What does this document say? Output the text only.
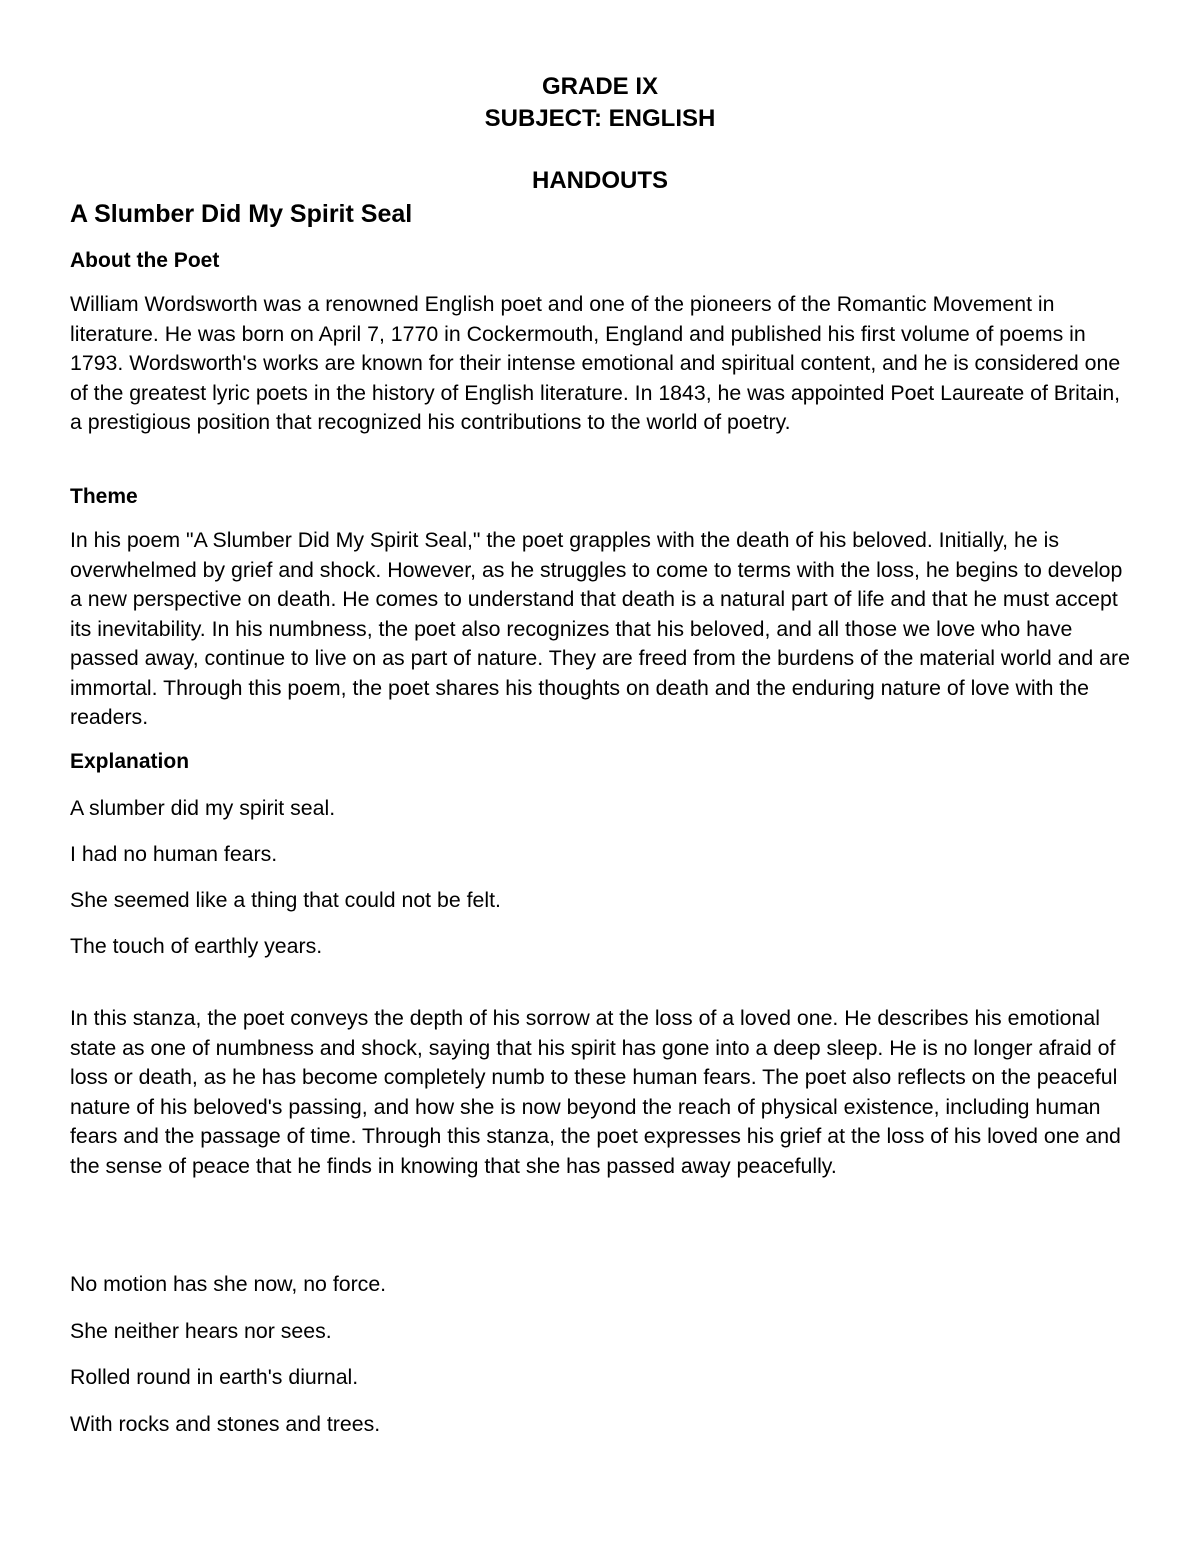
GRADE IX
SUBJECT: ENGLISH
HANDOUTS
A Slumber Did My Spirit Seal
About the Poet
William Wordsworth was a renowned English poet and one of the pioneers of the Romantic Movement in literature. He was born on April 7, 1770 in Cockermouth, England and published his first volume of poems in 1793. Wordsworth's works are known for their intense emotional and spiritual content, and he is considered one of the greatest lyric poets in the history of English literature. In 1843, he was appointed Poet Laureate of Britain, a prestigious position that recognized his contributions to the world of poetry.
Theme
In his poem "A Slumber Did My Spirit Seal," the poet grapples with the death of his beloved. Initially, he is overwhelmed by grief and shock. However, as he struggles to come to terms with the loss, he begins to develop a new perspective on death. He comes to understand that death is a natural part of life and that he must accept its inevitability. In his numbness, the poet also recognizes that his beloved, and all those we love who have passed away, continue to live on as part of nature. They are freed from the burdens of the material world and are immortal. Through this poem, the poet shares his thoughts on death and the enduring nature of love with the readers.
Explanation
A slumber did my spirit seal.
I had no human fears.
She seemed like a thing that could not be felt.
The touch of earthly years.
In this stanza, the poet conveys the depth of his sorrow at the loss of a loved one. He describes his emotional state as one of numbness and shock, saying that his spirit has gone into a deep sleep. He is no longer afraid of loss or death, as he has become completely numb to these human fears. The poet also reflects on the peaceful nature of his beloved's passing, and how she is now beyond the reach of physical existence, including human fears and the passage of time. Through this stanza, the poet expresses his grief at the loss of his loved one and the sense of peace that he finds in knowing that she has passed away peacefully.
No motion has she now, no force.
She neither hears nor sees.
Rolled round in earth's diurnal.
With rocks and stones and trees.
